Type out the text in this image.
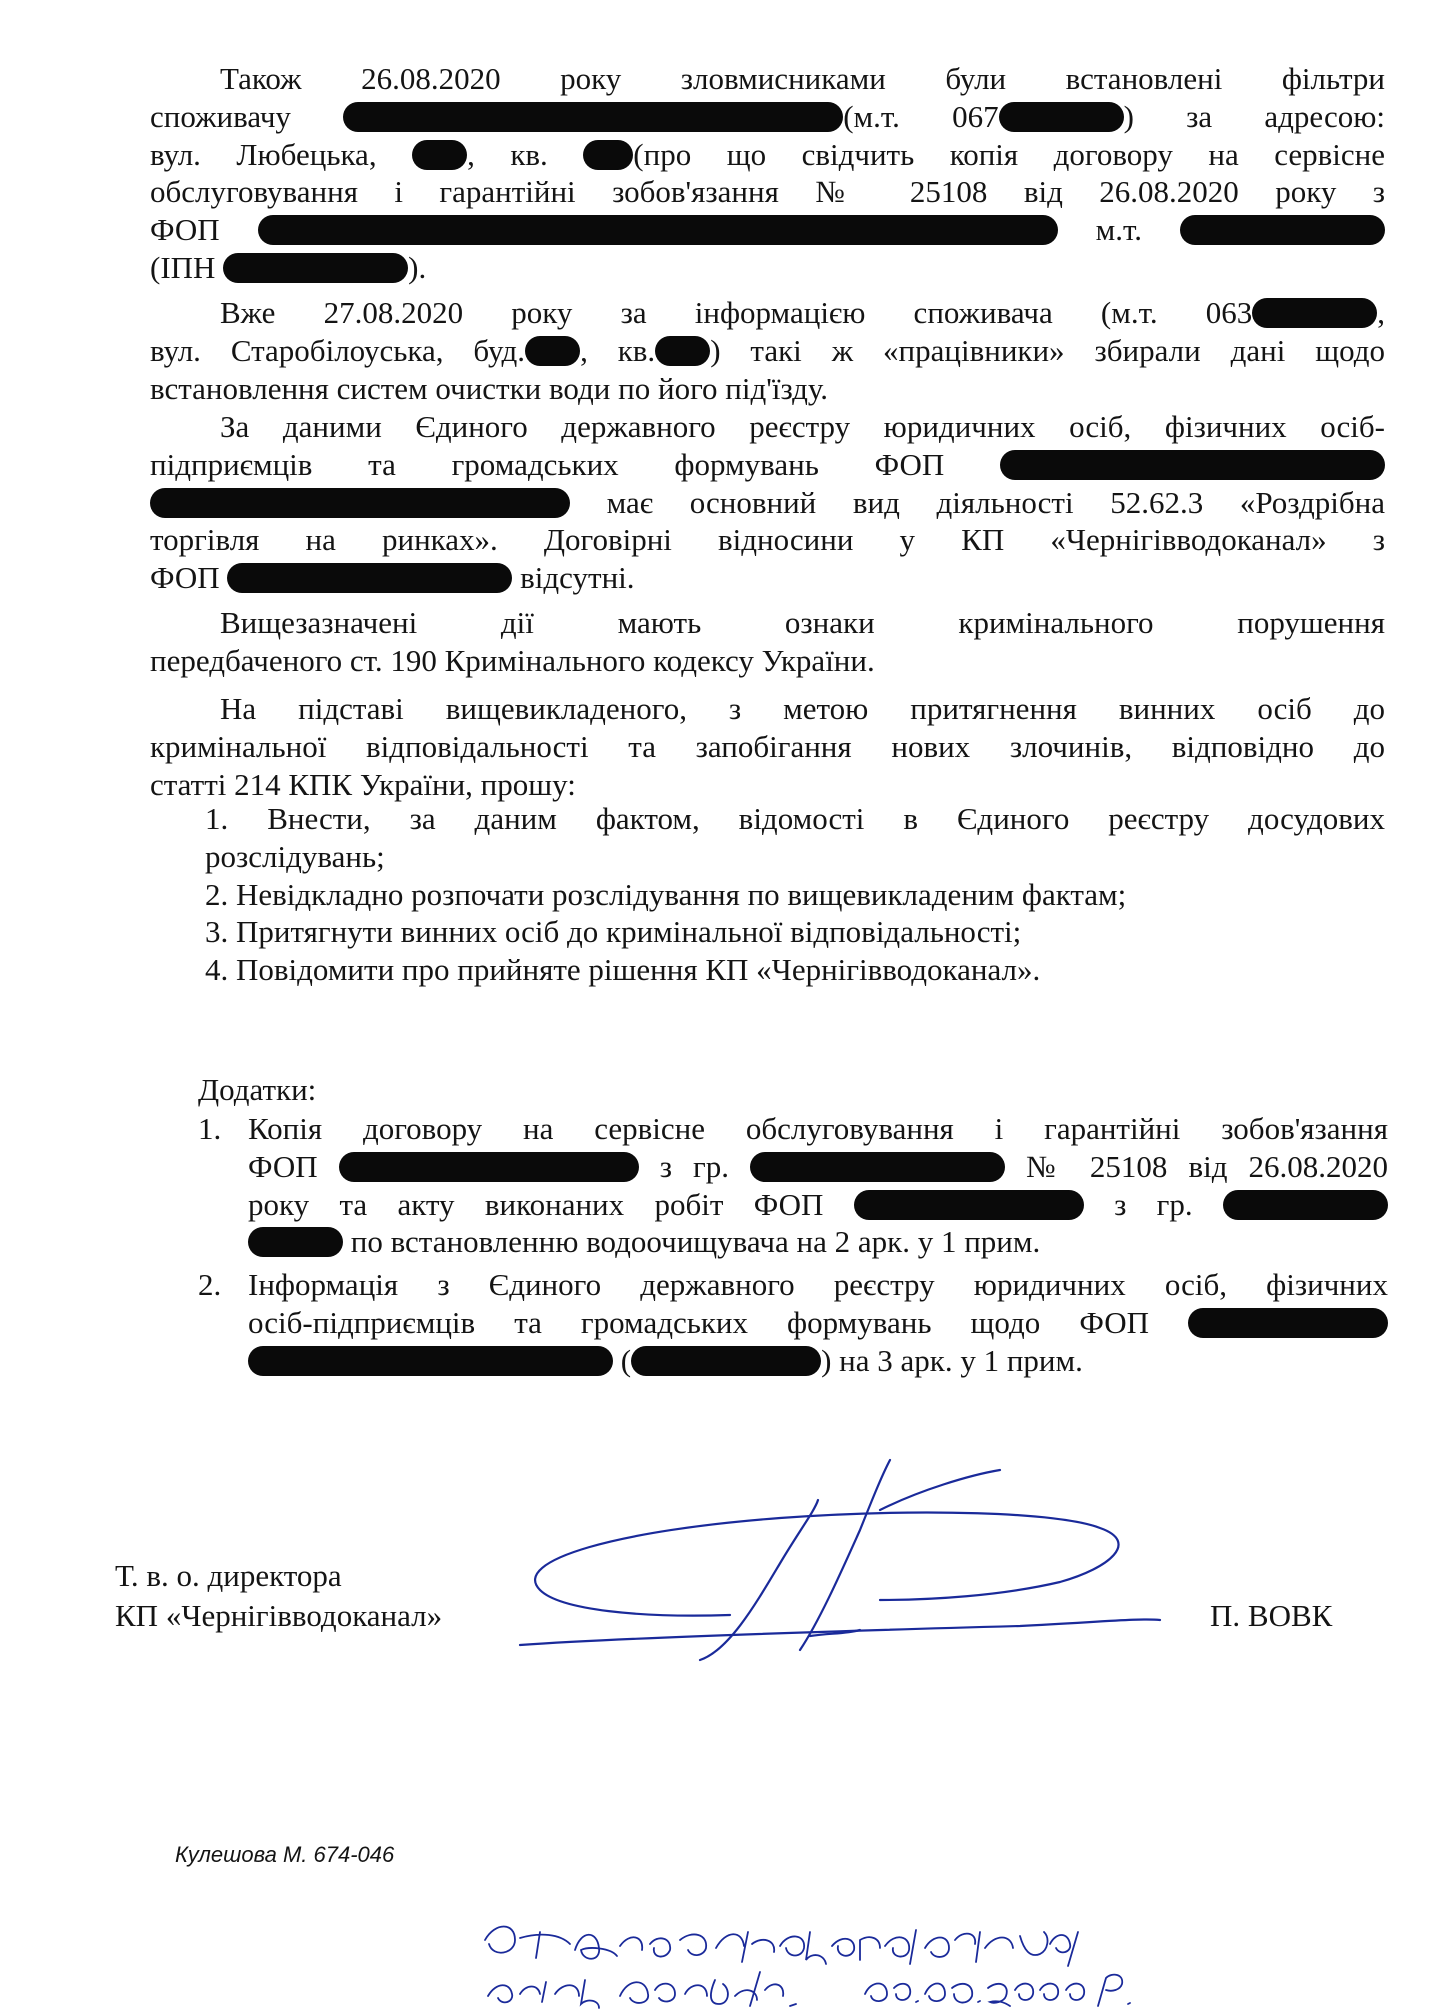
Також 26.08.2020 року зловмисниками були встановлені фільтри
споживачу	(м.т. 067	) за адресою:
вул. Любецька, , кв. (про що свідчить копія договору на сервісне
обслуговування і гарантійні зобов'язання № 25108 від 26.08.2020 року з
ФОП	м.т.
(ІПН	).
Вже 27.08.2020 року за інформацією споживача (м.т. 063	,
вул. Старобілоуська, буд. , кв. ) такі ж «працівники» збирали дані щодо
встановлення систем очистки води по його під'їзду.
За даними Єдиного державного реєстру юридичних осіб, фізичних осіб-
підприємців та громадських формувань ФОП
має основний вид діяльності 52.62.3 «Роздрібна
торгівля на ринках». Договірні відносини у КП «Чернігівводоканал» з
ФОП	відсутні.
Вищезазначені дії мають ознаки кримінального порушення
передбаченого ст. 190 Кримінального кодексу України.
На підставі вищевикладеного, з метою притягнення винних осіб до
кримінальної відповідальності та запобігання нових злочинів, відповідно до
статті 214 КПК України, прошу:
1. Внести, за даним фактом, відомості в Єдиного реєстру досудових
розслідувань;
2. Невідкладно розпочати розслідування по вищевикладеним фактам;
3. Притягнути винних осіб до кримінальної відповідальності;
4. Повідомити про прийняте рішення КП «Чернігівводоканал».
Додатки:
1. Копія договору на сервісне обслуговування і гарантійні зобов'язання
ФОП	з гр.	№ 25108 від 26.08.2020
року та акту виконаних робіт ФОП	з гр.
по встановленню водоочищувача на 2 арк. у 1 прим.
2. Інформація з Єдиного державного реєстру юридичних осіб, фізичних
осіб-підприємців та громадських формувань щодо ФОП
(	) на 3 арк. у 1 прим.
Т. в. о. директора
КП «Чернігівводоканал»	П. ВОВК
Кулешова М. 674-046
